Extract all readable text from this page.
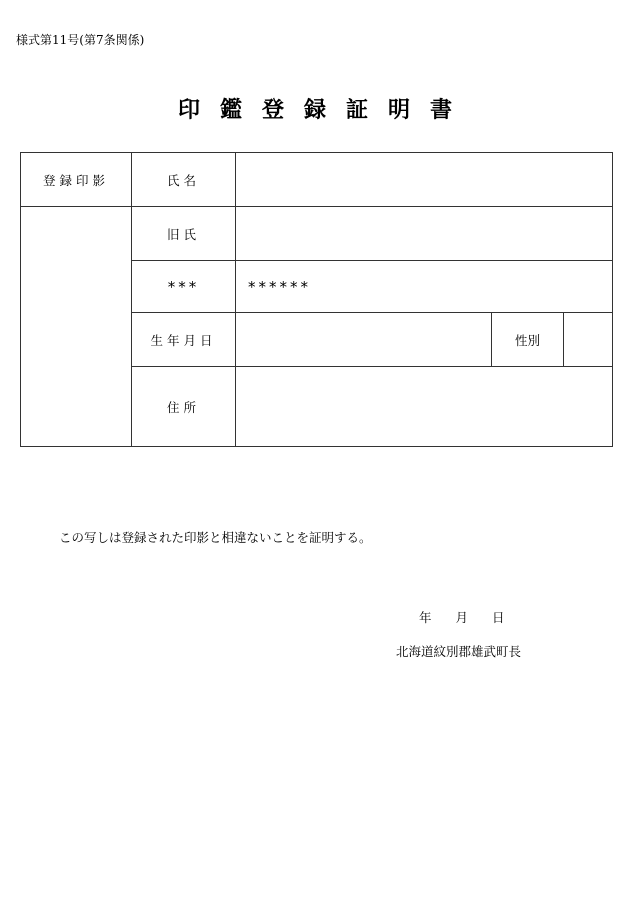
様式第11号(第7条関係)
印 鑑 登 録 証 明 書
登録印影	氏名			
	旧氏			
	***	******		
	生年月日		性別	
	住所			
この写しは登録された印影と相違ないことを証明する。
年 月 日
北海道紋別郡雄武町長
